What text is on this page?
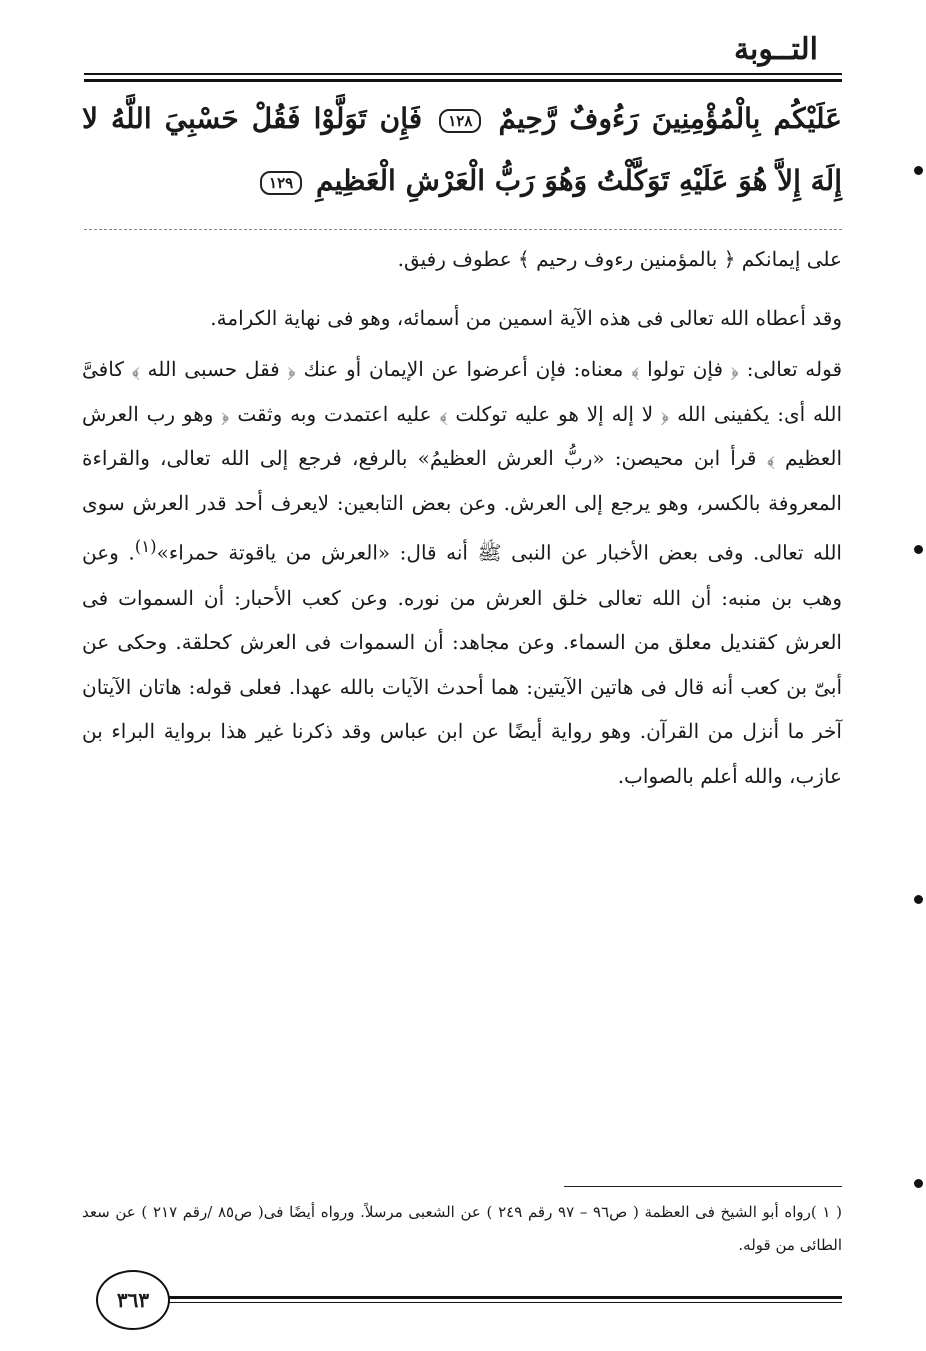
التــوبة
عَلَيْكُم بِالْمُؤْمِنِينَ رَءُوفٌ رَّحِيمٌ ١٢٨ فَإِن تَوَلَّوْا فَقُلْ حَسْبِيَ اللَّهُ لا إِلَهَ إِلاَّ هُوَ عَلَيْهِ تَوَكَّلْتُ وَهُوَ رَبُّ الْعَرْشِ الْعَظِيمِ ١٢٩
على إيمانكم ﴿ بالمؤمنين رءوف رحيم ﴾ عطوف رفيق.
وقد أعطاه الله تعالى فى هذه الآية اسمين من أسمائه، وهو فى نهاية الكرامة.
قوله تعالى: ﴿ فإن تولوا ﴾ معناه: فإن أعرضوا عن الإيمان أو عنك ﴿ فقل حسبى الله ﴾ كافىَّ الله أى: يكفينى الله ﴿ لا إله إلا هو عليه توكلت ﴾ عليه اعتمدت وبه وثقت ﴿ وهو رب العرش العظيم ﴾ قرأ ابن محيصن: «ربُّ العرش العظيمُ» بالرفع، فرجع إلى الله تعالى، والقراءة المعروفة بالكسر، وهو يرجع إلى العرش. وعن بعض التابعين: لايعرف أحد قدر العرش سوى الله تعالى. وفى بعض الأخبار عن النبى ﷺ أنه قال: «العرش من ياقوتة حمراء»$^{(١)}$. وعن وهب بن منبه: أن الله تعالى خلق العرش من نوره. وعن كعب الأحبار: أن السموات فى العرش كقنديل معلق من السماء. وعن مجاهد: أن السموات فى العرش كحلقة. وحكى عن أبىّ بن كعب أنه قال فى هاتين الآيتين: هما أحدث الآيات بالله عهدا. فعلى قوله: هاتان الآيتان آخر ما أنزل من القرآن. وهو رواية أيضًا عن ابن عباس وقد ذكرنا غير هذا برواية البراء بن عازب، والله أعلم بالصواب.
( ١ )رواه أبو الشيخ فى العظمة ( ص٩٦ – ٩٧ رقم ٢٤٩ ) عن الشعبى مرسلاً. ورواه أيضًا فى( ص٨٥ /رقم ٢١٧ ) عن سعد الطائى من قوله.
٣٦٣
